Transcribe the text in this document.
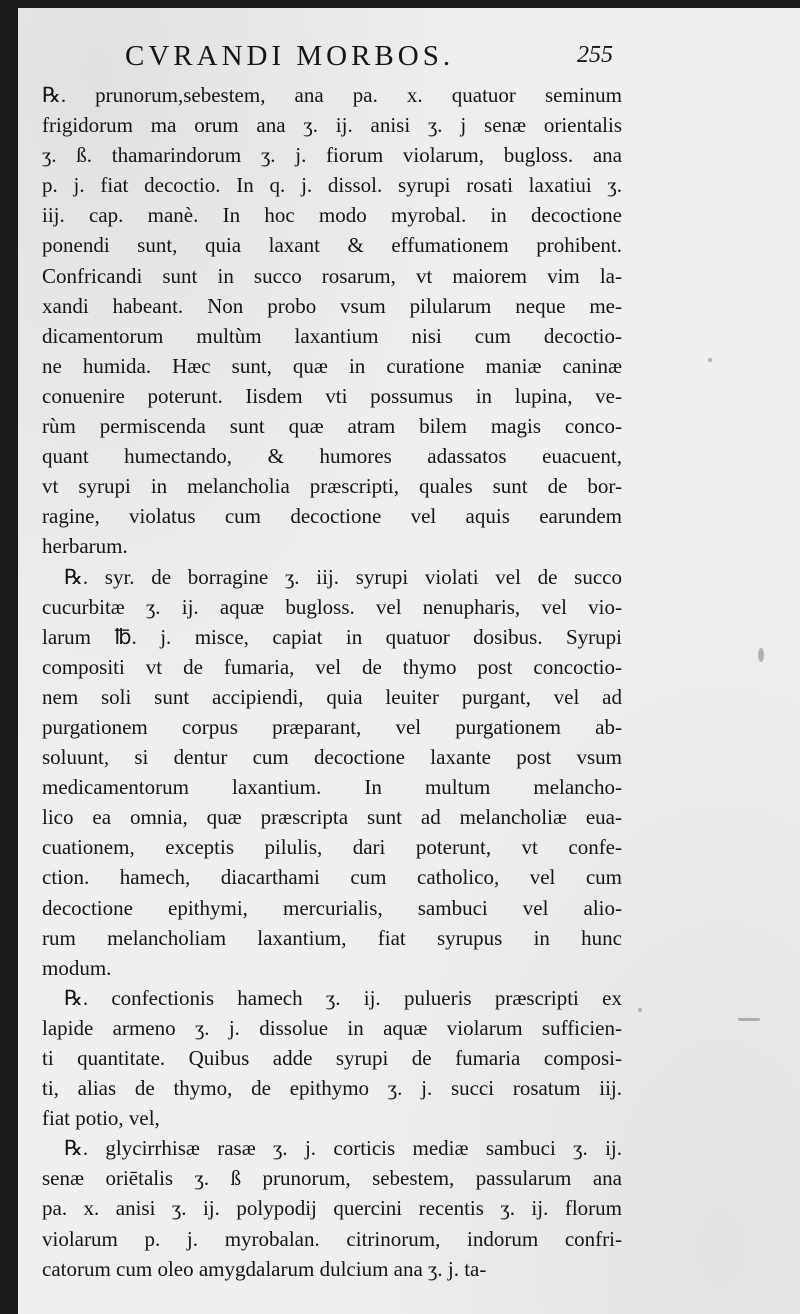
CVRANDI MORBOS.	255
℞. prunorum,sebestem, ana pa. x. quatuor seminum
frigidorum ma orum ana ʒ. ij. anisi ʒ. j senæ orientalis
ʒ. ß. thamarindorum ʒ. j. fiorum violarum, bugloss. ana
p. j. fiat decoctio. In q. j. dissol. syrupi rosati laxatiui ʒ.
iij. cap. manè. In hoc modo myrobal. in decoctione
ponendi sunt, quia laxant & effumationem prohibent.
Confricandi sunt in succo rosarum, vt maiorem vim la-
xandi habeant. Non probo vsum pilularum neque me-
dicamentorum multùm laxantium nisi cum decoctio-
ne humida. Hæc sunt, quæ in curatione maniæ caninæ
conuenire poterunt. Iisdem vti possumus in lupina, ve-
rùm permiscenda sunt quæ atram bilem magis conco-
quant humectando, & humores adassatos euacuent,
vt syrupi in melancholia præscripti, quales sunt de bor-
ragine, violatus cum decoctione vel aquis earundem
herbarum.
℞. syr. de borragine ʒ. iij. syrupi violati vel de succo
cucurbitæ ʒ. ij. aquæ bugloss. vel nenupharis, vel vio-
larum ℔. j. misce, capiat in quatuor dosibus. Syrupi
compositi vt de fumaria, vel de thymo post concoctio-
nem soli sunt accipiendi, quia leuiter purgant, vel ad
purgationem corpus præparant, vel purgationem ab-
soluunt, si dentur cum decoctione laxante post vsum
medicamentorum laxantium. In multum melancho-
lico ea omnia, quæ præscripta sunt ad melancholiæ eua-
cuationem, exceptis pilulis, dari poterunt, vt confe-
ction. hamech, diacarthami cum catholico, vel cum
decoctione epithymi, mercurialis, sambuci vel alio-
rum melancholiam laxantium, fiat syrupus in hunc
modum.
℞. confectionis hamech ʒ. ij. pulueris præscripti ex
lapide armeno ʒ. j. dissolue in aquæ violarum sufficien-
ti quantitate. Quibus adde syrupi de fumaria composi-
ti, alias de thymo, de epithymo ʒ. j. succi rosatum iij.
fiat potio, vel,
℞. glycirrhisæ rasæ ʒ. j. corticis mediæ sambuci ʒ. ij.
senæ oriētalis ʒ. ß prunorum, sebestem, passularum ana
pa. x. anisi ʒ. ij. polypodij quercini recentis ʒ. ij. florum
violarum p. j. myrobalan. citrinorum, indorum confri-
catorum cum oleo amygdalarum dulcium ana ʒ. j. ta-
